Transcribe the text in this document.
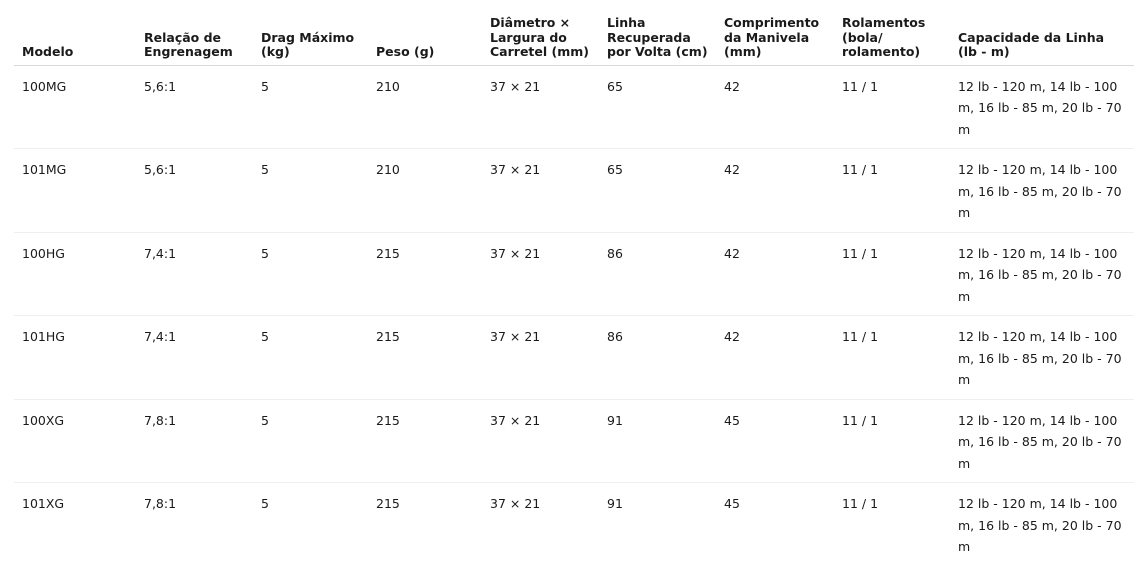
Modelo	Relação de Engrenagem	Drag Máximo (kg)	Peso (g)	Diâmetro × Largura do Carretel (mm)	Linha Recuperada por Volta (cm)	Comprimento da Manivela (mm)	Rolamentos (bola/ rolamento)	Capacidade da Linha (lb - m)
100MG	5,6:1	5	210	37 × 21	65	42	11 / 1	12 lb - 120 m, 14 lb - 100 m, 16 lb - 85 m, 20 lb - 70 m
101MG	5,6:1	5	210	37 × 21	65	42	11 / 1	12 lb - 120 m, 14 lb - 100 m, 16 lb - 85 m, 20 lb - 70 m
100HG	7,4:1	5	215	37 × 21	86	42	11 / 1	12 lb - 120 m, 14 lb - 100 m, 16 lb - 85 m, 20 lb - 70 m
101HG	7,4:1	5	215	37 × 21	86	42	11 / 1	12 lb - 120 m, 14 lb - 100 m, 16 lb - 85 m, 20 lb - 70 m
100XG	7,8:1	5	215	37 × 21	91	45	11 / 1	12 lb - 120 m, 14 lb - 100 m, 16 lb - 85 m, 20 lb - 70 m
101XG	7,8:1	5	215	37 × 21	91	45	11 / 1	12 lb - 120 m, 14 lb - 100 m, 16 lb - 85 m, 20 lb - 70 m
